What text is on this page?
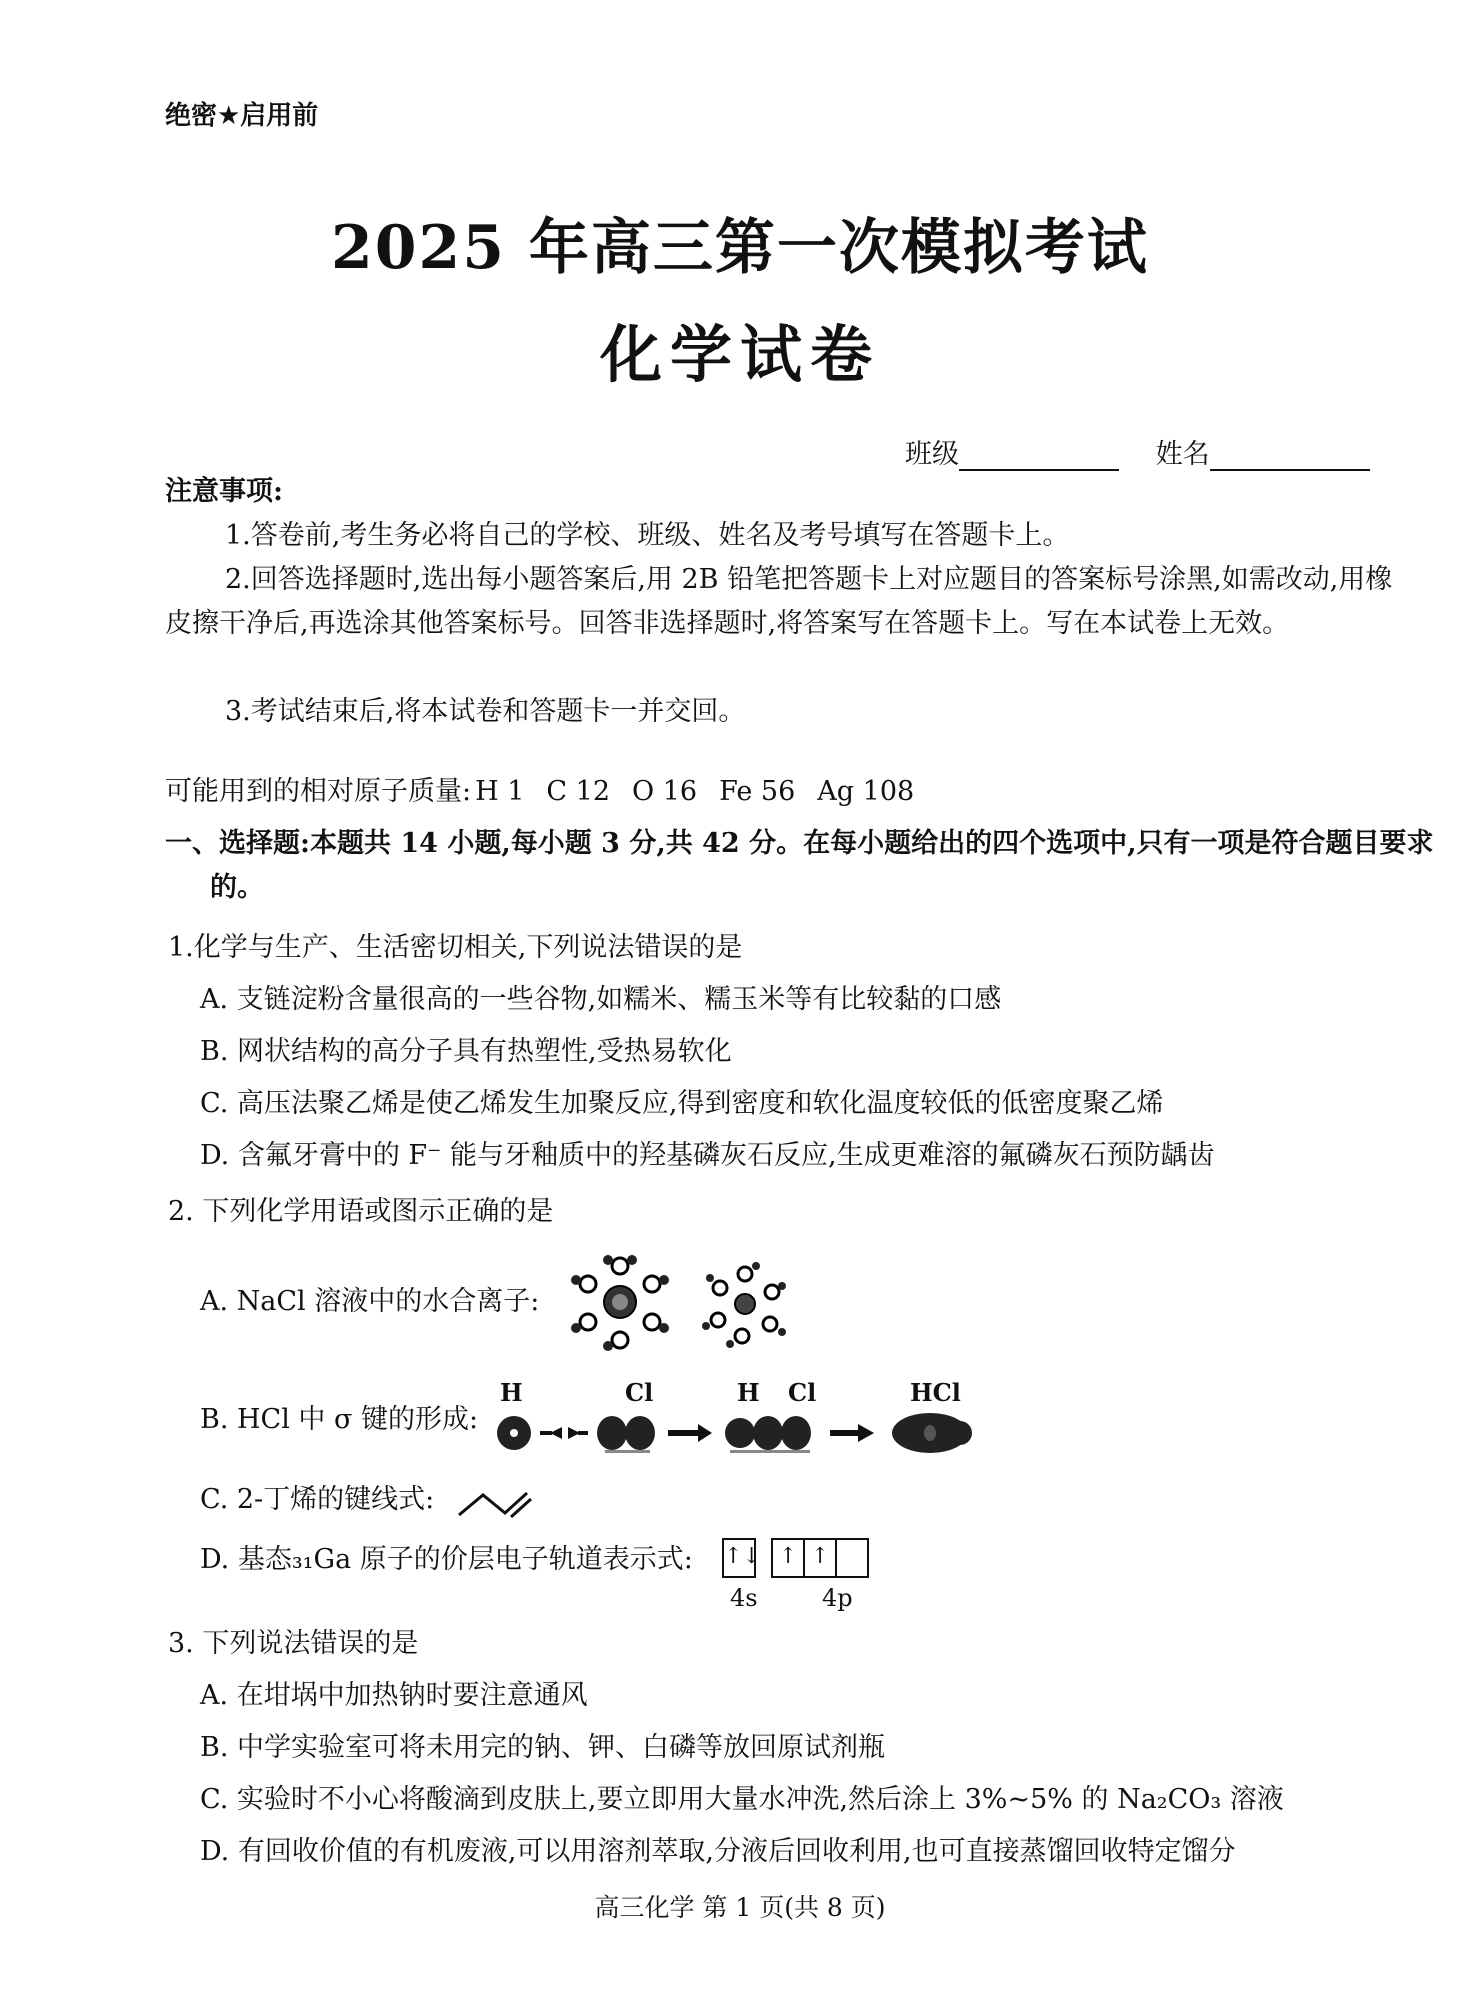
绝密★启用前
2025 年高三第一次模拟考试
化学试卷
班级	姓名
注意事项:
1.答卷前,考生务必将自己的学校、班级、姓名及考号填写在答题卡上。
2.回答选择题时,选出每小题答案后,用 2B 铅笔把答题卡上对应题目的答案标号涂黑,如需改动,用橡皮擦干净后,再选涂其他答案标号。回答非选择题时,将答案写在答题卡上。写在本试卷上无效。
3.考试结束后,将本试卷和答题卡一并交回。
可能用到的相对原子质量: H 1 C 12 O 16 Fe 56 Ag 108
一、选择题:本题共 14 小题,每小题 3 分,共 42 分。在每小题给出的四个选项中,只有一项是符合题目要求的。
1.化学与生产、生活密切相关,下列说法错误的是
A. 支链淀粉含量很高的一些谷物,如糯米、糯玉米等有比较黏的口感
B. 网状结构的高分子具有热塑性,受热易软化
C. 高压法聚乙烯是使乙烯发生加聚反应,得到密度和软化温度较低的低密度聚乙烯
D. 含氟牙膏中的 F⁻ 能与牙釉质中的羟基磷灰石反应,生成更难溶的氟磷灰石预防龋齿
2. 下列化学用语或图示正确的是
A. NaCl 溶液中的水合离子:
B. HCl 中 σ 键的形成:
H	Cl	H Cl	HCl
C. 2-丁烯的键线式:
D. 基态₃₁Ga 原子的价层电子轨道表示式: ↑↓ ↑ ↑
4s	4p
3. 下列说法错误的是
A. 在坩埚中加热钠时要注意通风
B. 中学实验室可将未用完的钠、钾、白磷等放回原试剂瓶
C. 实验时不小心将酸滴到皮肤上,要立即用大量水冲洗,然后涂上 3%~5% 的 Na₂CO₃ 溶液
D. 有回收价值的有机废液,可以用溶剂萃取,分液后回收利用,也可直接蒸馏回收特定馏分
高三化学 第 1 页(共 8 页)
